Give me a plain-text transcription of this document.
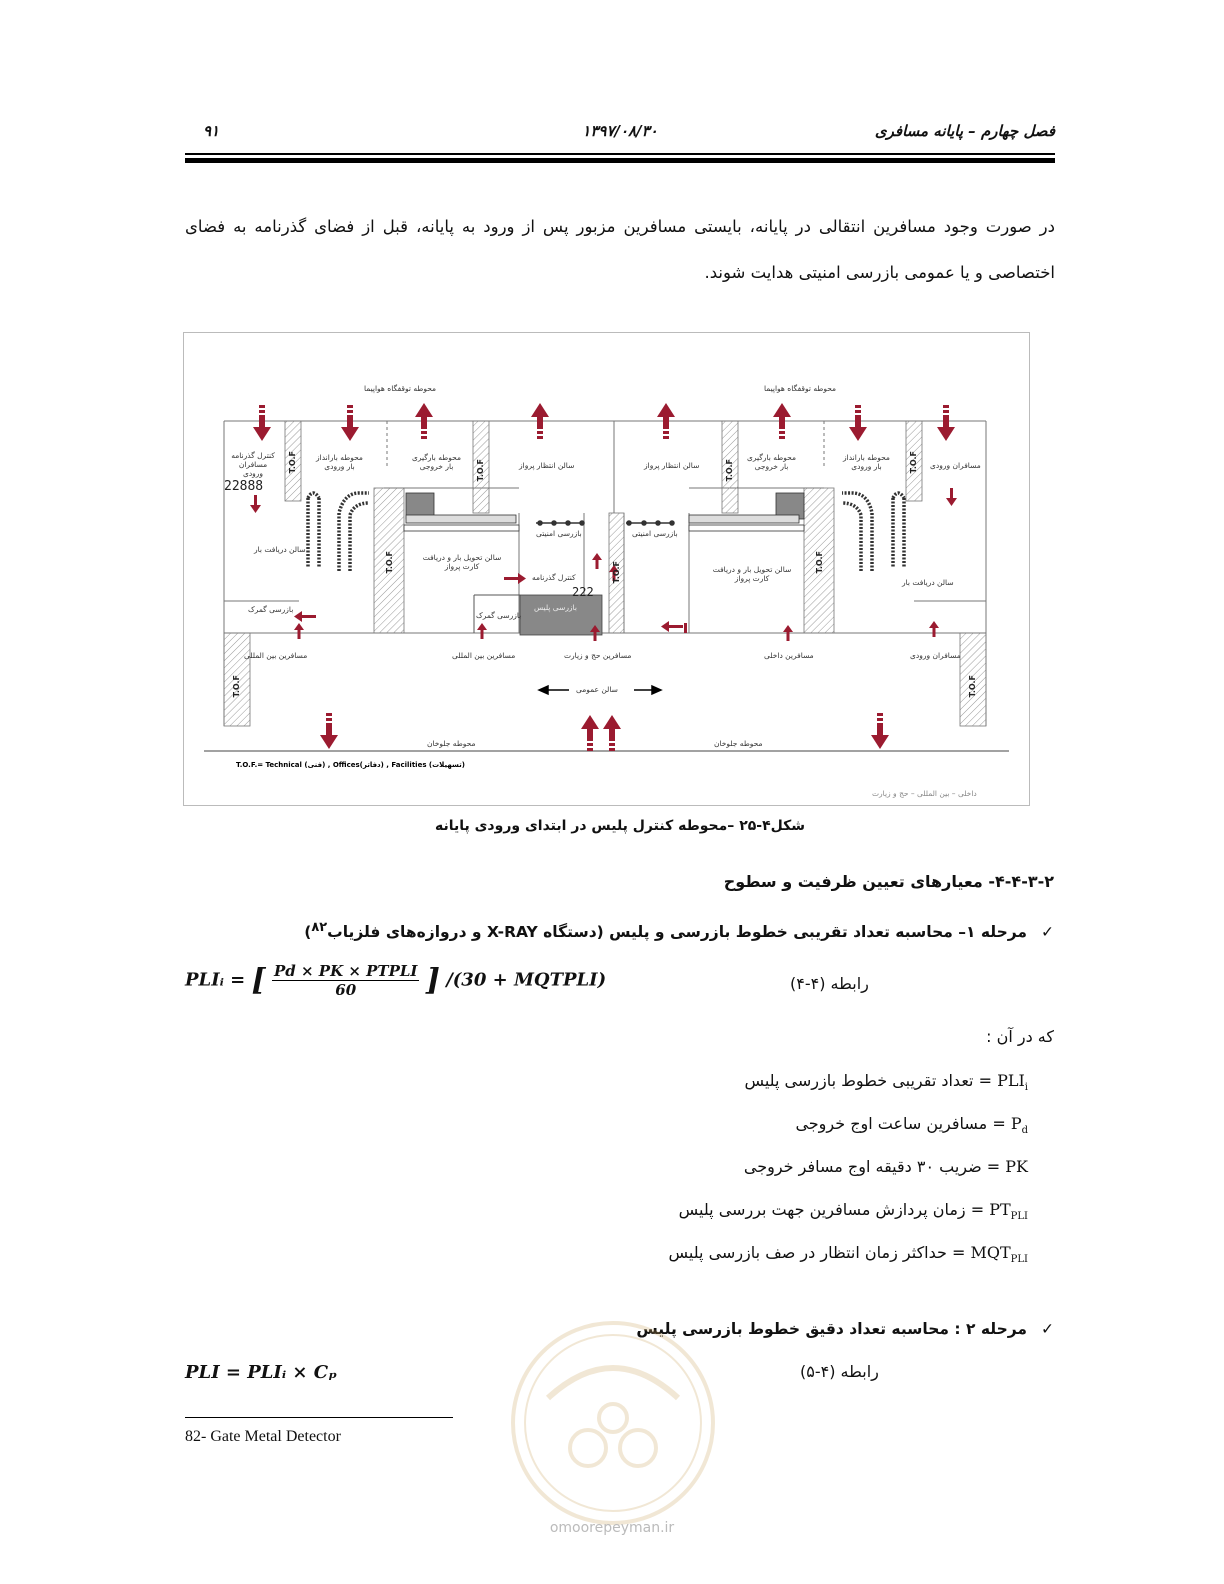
فصل چهارم – پایانه مسافری
۱۳۹۷/۰۸/۳۰
۹۱
در صورت وجود مسافرین انتقالی در پایانه، بایستی مسافرین مزبور پس از ورود به پایانه، قبل از فضای گذرنامه به فضای اختصاصی و یا عمومی بازرسی امنیتی هدایت شوند.
محوطه توقفگاه هواپیما	محوطه توقفگاه هواپیما
محوطه جلوخان	محوطه جلوخان
سالن عمومی
T.O.F	T.O.F	T.O.F	T.O.F
T.O.F	T.O.F	T.O.F
T.O.F	T.O.F
کنترل گذرنامه مسافران ورودی
22888
محوطه بارانداز بار ورودی
محوطه بارگیری بار خروجی	سالن انتظار پرواز	سالن انتظار پرواز
محوطه بارگیری بار خروجی
محوطه بارانداز بار ورودی	مسافران ورودی
سالن دریافت بار
سالن دریافت بار
سالن تحویل بار و دریافت کارت پرواز	سالن تحویل بار و دریافت کارت پرواز
کنترل گذرنامه
222
بازرسی امنیتی	بازرسی امنیتی
بازرسی گمرک
بازرسی گمرک	بازرسی پلیس
مسافرین بین المللی	مسافرین بین المللی	مسافرین حج و زیارت	مسافرین داخلی	مسافران ورودی
T.O.F.= Technical (فنی) , Offices(دفاتر) , Facilities (تسهیلات)
داخلی – بین المللی – حج و زیارت
شکل۴-۲۵ –محوطه کنترل پلیس در ابتدای ورودی پایانه
۴-۴-۳-۲- معیارهای تعیین ظرفیت و سطوح
✓مرحله ۱– محاسبه تعداد تقریبی خطوط بازرسی و پلیس (دستگاه X-RAY و دروازه‌های فلزیاب$^{۸۲}$)
PLIᵢ = [ Pd × PK × PTPLI
60	] /(30 + MQTPLI)	رابطه (۴-۴)
که در آن :
$PLI_i$ = تعداد تقریبی خطوط بازرسی پلیس
$P_d$ = مسافرین ساعت اوج خروجی
PK = ضریب ۳۰ دقیقه اوج مسافر خروجی
$PT_{PLI}$ = زمان پردازش مسافرین جهت بررسی پلیس
$MQT_{PLI}$ = حداکثر زمان انتظار در صف بازرسی پلیس
✓مرحله ۲ : محاسبه تعداد دقیق خطوط بازرسی پلیس
PLI = PLIᵢ × Cₚ	رابطه (۴-۵)
82- Gate Metal Detector
omoorepeyman.ir
